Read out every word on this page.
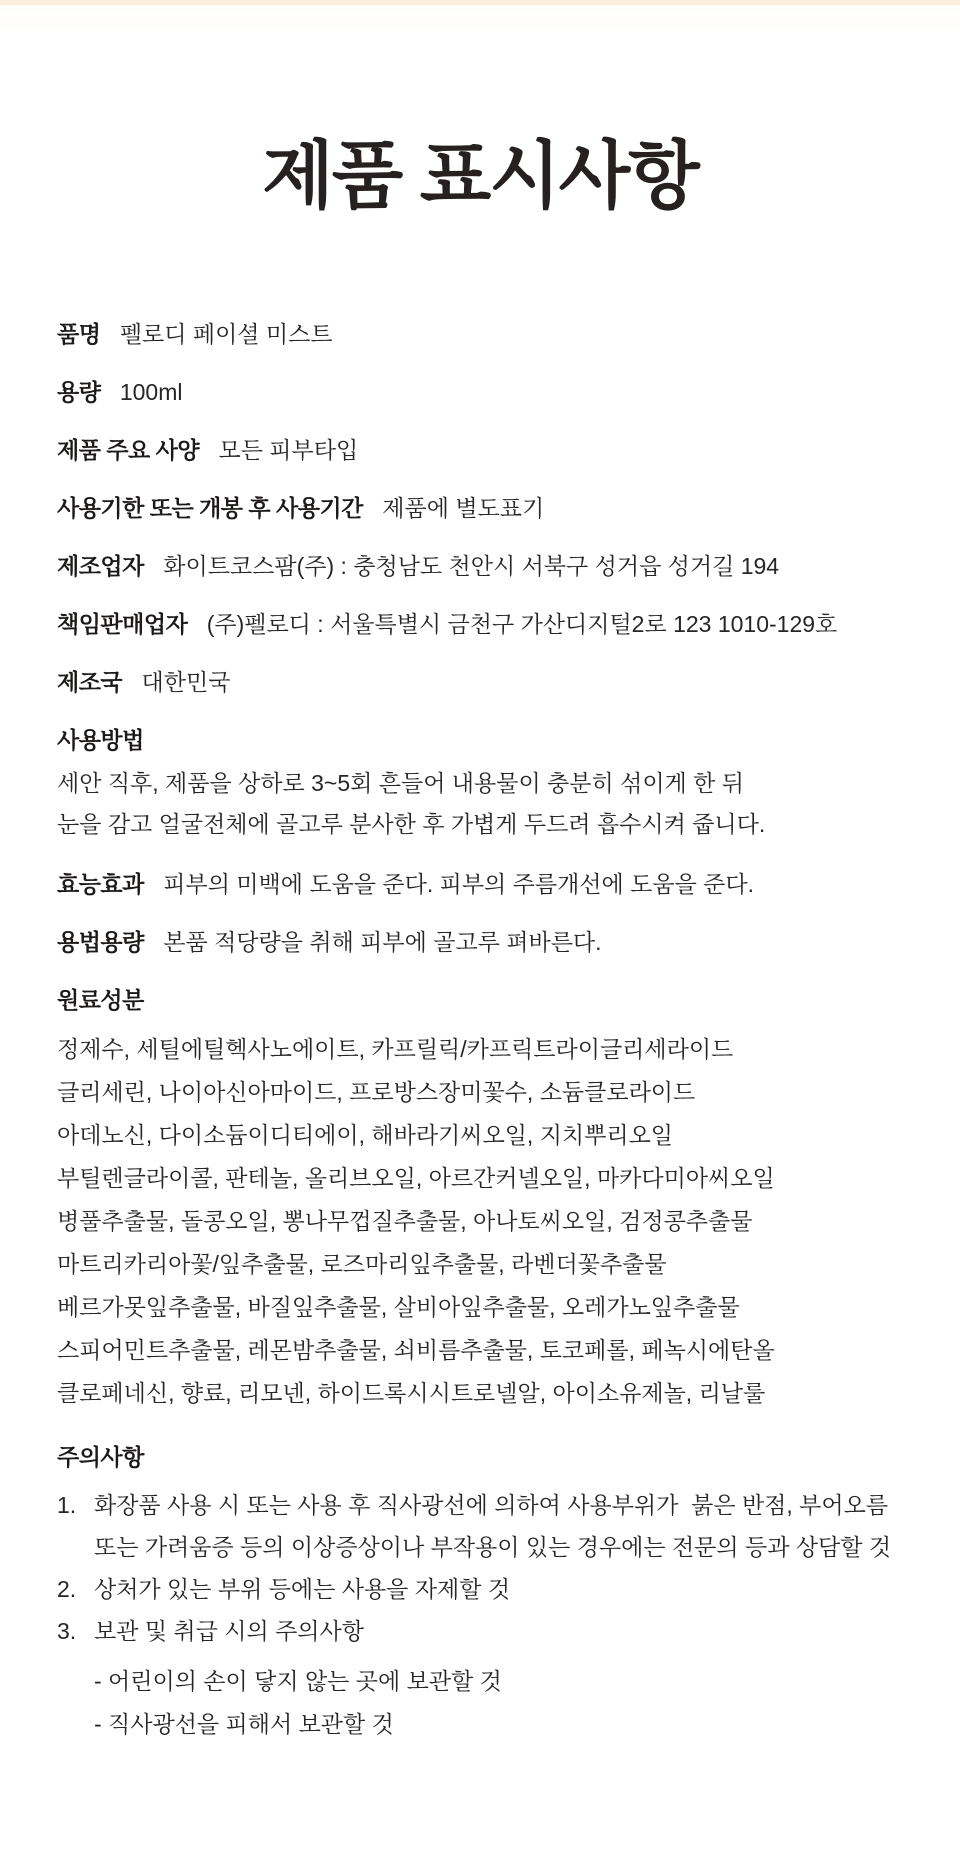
제품 표시사항

품명 펠로디 페이셜 미스트

용량 100ml

제품 주요 사양 모든 피부타입

사용기한 또는 개봉 후 사용기간 제품에 별도표기

제조업자 화이트코스팜(주) : 충청남도 천안시 서북구 성거읍 성거길 194

책임판매업자 (주)펠로디 : 서울특별시 금천구 가산디지털2로 123 1010-129호

제조국 대한민국

사용방법

세안 직후, 제품을 상하로 3~5회 흔들어 내용물이 충분히 섞이게 한 뒤

눈을 감고 얼굴전체에 골고루 분사한 후 가볍게 두드려 흡수시켜 줍니다.

효능효과 피부의 미백에 도움을 준다. 피부의 주름개선에 도움을 준다.

용법용량 본품 적당량을 취해 피부에 골고루 펴바른다.

원료성분

정제수, 세틸에틸헥사노에이트, 카프릴릭/카프릭트라이글리세라이드

글리세린, 나이아신아마이드, 프로방스장미꽃수, 소듐클로라이드

아데노신, 다이소듐이디티에이, 해바라기씨오일, 지치뿌리오일

부틸렌글라이콜, 판테놀, 올리브오일, 아르간커넬오일, 마카다미아씨오일

병풀추출물, 돌콩오일, 뽕나무껍질추출물, 아나토씨오일, 검정콩추출물

마트리카리아꽃/잎추출물, 로즈마리잎추출물, 라벤더꽃추출물

베르가못잎추출물, 바질잎추출물, 살비아잎추출물, 오레가노잎추출물

스피어민트추출물, 레몬밤추출물, 쇠비름추출물, 토코페롤, 페녹시에탄올

클로페네신, 향료, 리모넨, 하이드록시시트로넬알, 아이소유제놀, 리날룰

주의사항
1. 화장품 사용 시 또는 사용 후 직사광선에 의하여 사용부위가  붉은 반점, 부어오름

또는 가려움증 등의 이상증상이나 부작용이 있는 경우에는 전문의 등과 상담할 것

2. 상처가 있는 부위 등에는 사용을 자제할 것

3. 보관 및 취급 시의 주의사항

- 어린이의 손이 닿지 않는 곳에 보관할 것

- 직사광선을 피해서 보관할 것
